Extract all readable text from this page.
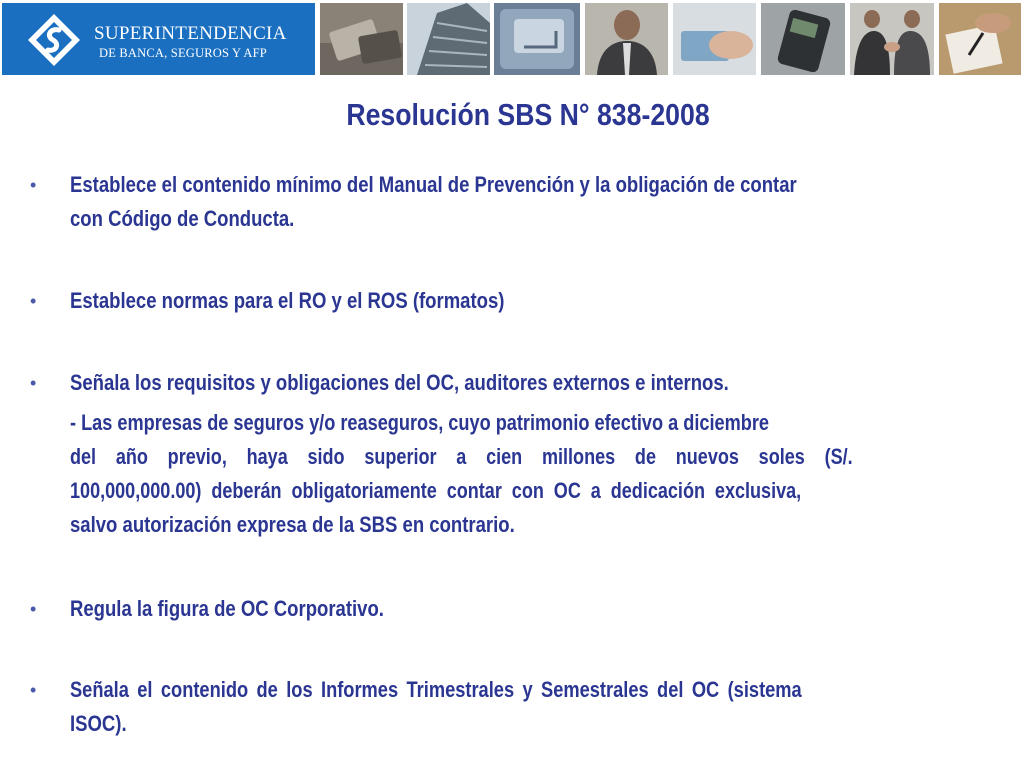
SUPERINTENDENCIA
DE BANCA, SEGUROS Y AFP
Resolución SBS N° 838-2008
• Establece el contenido mínimo del Manual de Prevención y la obligación de contar
con Código de Conducta.
• Establece normas para el RO y el ROS (formatos)
• Señala los requisitos y obligaciones del OC, auditores externos e internos.
- Las empresas de seguros y/o reaseguros, cuyo patrimonio efectivo a diciembre
del año previo, haya sido superior a cien millones de nuevos soles (S/.
100,000,000.00) deberán obligatoriamente contar con OC a dedicación exclusiva,
salvo autorización expresa de la SBS en contrario.
• Regula la figura de OC Corporativo.
• Señala el contenido de los Informes Trimestrales y Semestrales del OC (sistema
ISOC).
